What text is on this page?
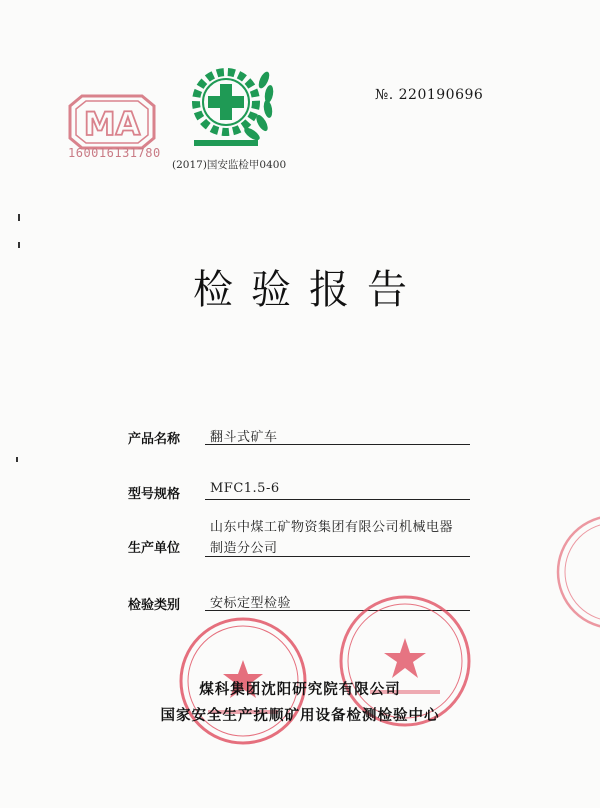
MA
160016131780
(2017)国安监检甲0400
№. 220190696
检验报告
产品名称 翻斗式矿车
型号规格 MFC1.5-6
生产单位
山东中煤工矿物资集团有限公司机械电器
制造分公司
检验类别 安标定型检验
煤科集团沈阳研究院有限公司
国家安全生产抚顺矿用设备检测检验中心
